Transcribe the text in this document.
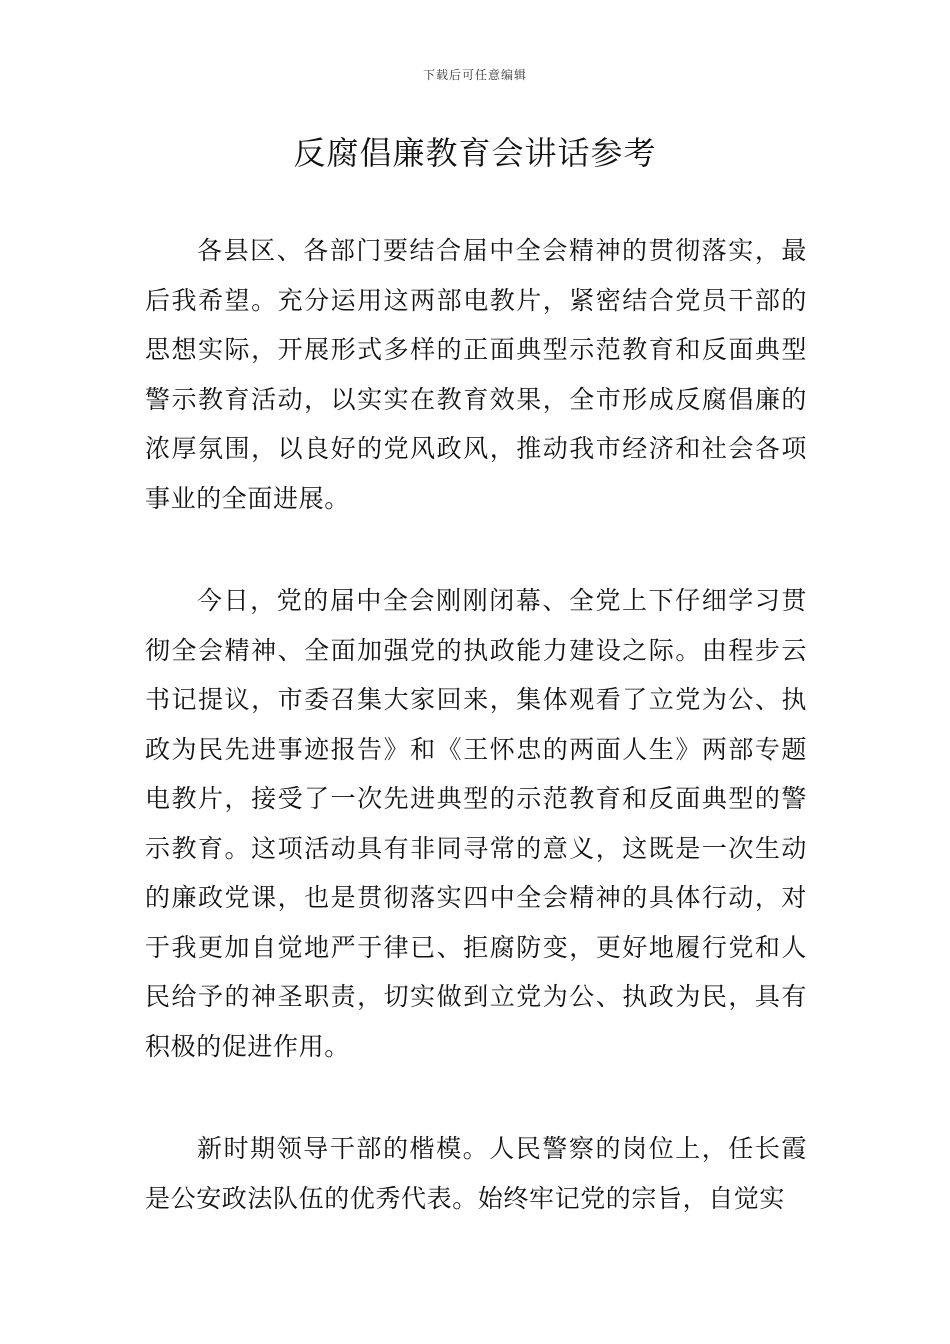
下载后可任意编辑
反腐倡廉教育会讲话参考

各县区、各部门要结合届中全会精神的贯彻落实，最后我希望。充分运用这两部电教片，紧密结合党员干部的思想实际，开展形式多样的正面典型示范教育和反面典型警示教育活动，以实实在教育效果，全市形成反腐倡廉的浓厚氛围，以良好的党风政风，推动我市经济和社会各项事业的全面进展。

今日，党的届中全会刚刚闭幕、全党上下仔细学习贯彻全会精神、全面加强党的执政能力建设之际。由程步云书记提议，市委召集大家回来，集体观看了立党为公、执政为民先进事迹报告》和《王怀忠的两面人生》两部专题电教片，接受了一次先进典型的示范教育和反面典型的警示教育。这项活动具有非同寻常的意义，这既是一次生动的廉政党课，也是贯彻落实四中全会精神的具体行动，对于我更加自觉地严于律已、拒腐防变，更好地履行党和人民给予的神圣职责，切实做到立党为公、执政为民，具有积极的促进作用。

新时期领导干部的楷模。人民警察的岗位上，任长霞是公安政法队伍的优秀代表。始终牢记党的宗旨，自觉实
